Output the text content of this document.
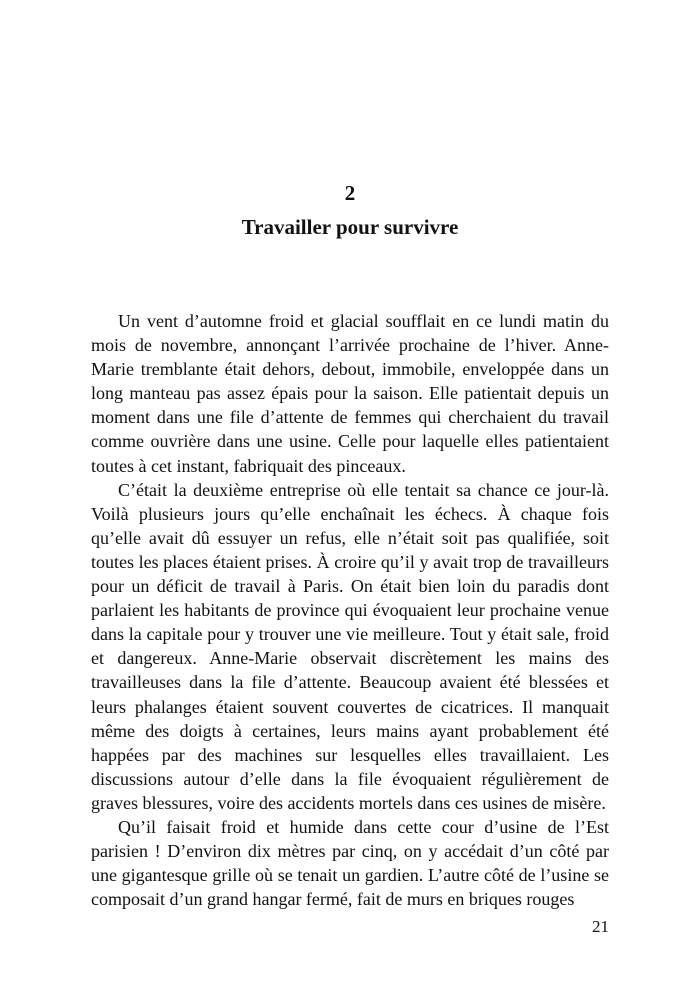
2
Travailler pour survivre

Un vent d’automne froid et glacial soufflait en ce lundi matin du mois de novembre, annonçant l’arrivée prochaine de l’hiver. Anne-Marie tremblante était dehors, debout, immobile, enveloppée dans un long manteau pas assez épais pour la saison. Elle patientait depuis un moment dans une file d’attente de femmes qui cherchaient du travail comme ouvrière dans une usine. Celle pour laquelle elles patientaient toutes à cet instant, fabriquait des pinceaux.

C’était la deuxième entreprise où elle tentait sa chance ce jour-là. Voilà plusieurs jours qu’elle enchaînait les échecs. À chaque fois qu’elle avait dû essuyer un refus, elle n’était soit pas qualifiée, soit toutes les places étaient prises. À croire qu’il y avait trop de travailleurs pour un déficit de travail à Paris. On était bien loin du paradis dont parlaient les habitants de province qui évoquaient leur prochaine venue dans la capitale pour y trouver une vie meilleure. Tout y était sale, froid et dangereux. Anne-Marie observait discrètement les mains des travailleuses dans la file d’attente. Beaucoup avaient été blessées et leurs phalanges étaient souvent couvertes de cicatrices. Il manquait même des doigts à certaines, leurs mains ayant probablement été happées par des machines sur lesquelles elles travaillaient. Les discussions autour d’elle dans la file évoquaient régulièrement de graves blessures, voire des accidents mortels dans ces usines de misère.

Qu’il faisait froid et humide dans cette cour d’usine de l’Est parisien ! D’environ dix mètres par cinq, on y accédait d’un côté par une gigantesque grille où se tenait un gardien. L’autre côté de l’usine se composait d’un grand hangar fermé, fait de murs en briques rouges

21
